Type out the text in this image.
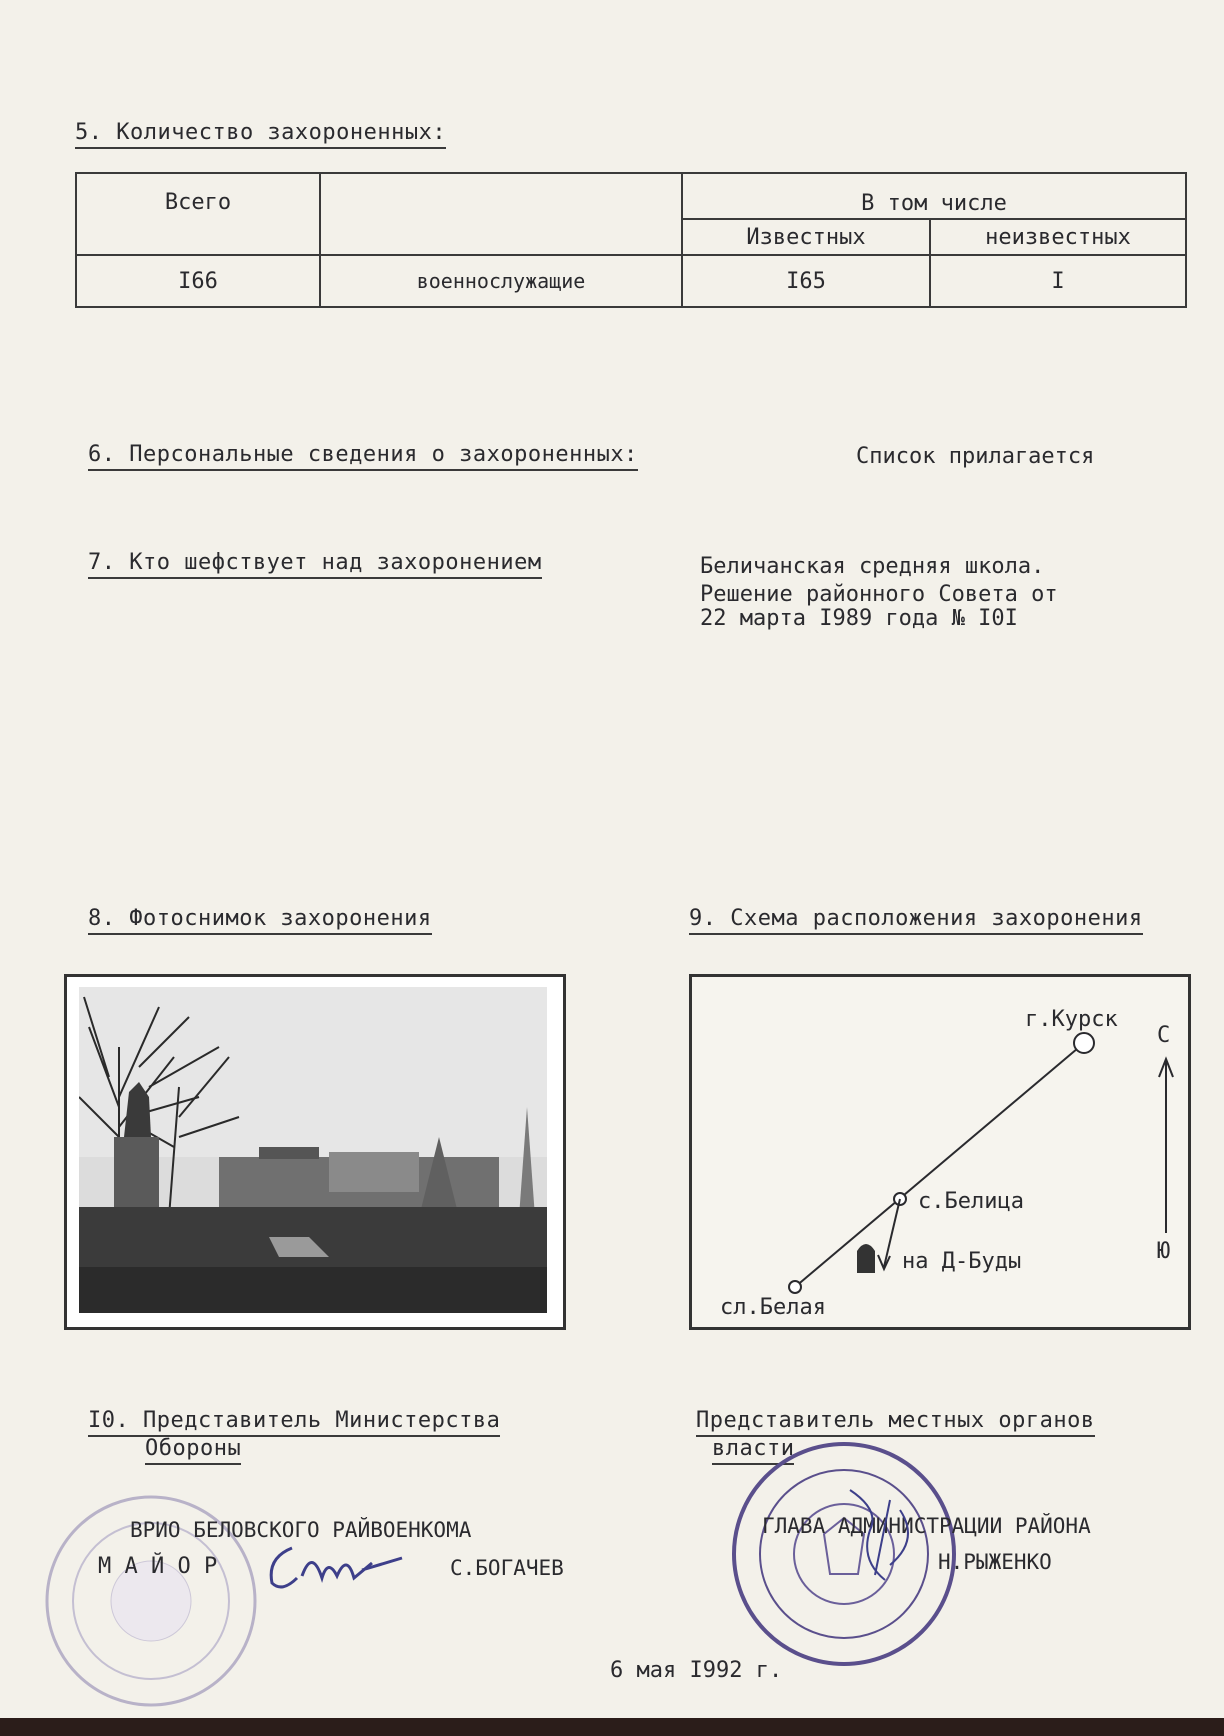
5. Количество захороненных:
Всего		В том числе	
		Известных	неизвестных
I66	военнослужащие	I65	I
6. Персональные сведения о захороненных:	Список прилагается
7. Кто шефствует над захоронением	Беличанская средняя школа.
Решение районного Совета от
22 марта I989 года № I0I
8. Фотоснимок захоронения	9. Схема расположения захоронения
г.Курск
с.Белица
сл.Белая
на Д-Буды
С
Ю
I0. Представитель Министерства
Обороны
Представитель местных органов
власти
ВРИО БЕЛОВСКОГО РАЙВОЕНКОМА
М А Й О Р	С.БОГАЧЕВ
ГЛАВА АДМИНИСТРАЦИИ РАЙОНА
Н.РЫЖЕНКО
6 мая I992 г.
